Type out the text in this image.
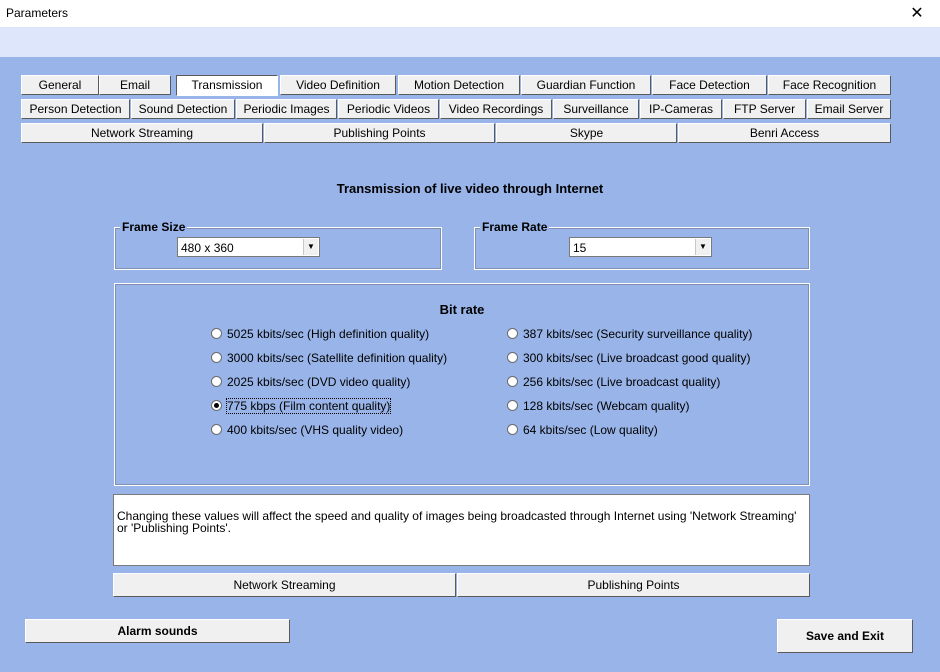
Parameters	✕
General	Email	Transmission	Video Definition	Motion Detection	Guardian Function	Face Detection	Face Recognition
Person Detection	Sound Detection	Periodic Images	Periodic Videos	Video Recordings	Surveillance	IP-Cameras	FTP Server	Email Server
Network Streaming	Publishing Points	Skype	Benri Access
Transmission of live video through Internet
Frame Size
480 x 360	▼
Frame Rate
15	▼
Bit rate
5025 kbits/sec (High definition quality)
3000 kbits/sec (Satellite definition quality)
2025 kbits/sec (DVD video quality)
775 kbps (Film content quality)
400 kbits/sec (VHS quality video)
387 kbits/sec (Security surveillance quality)
300 kbits/sec (Live broadcast good quality)
256 kbits/sec (Live broadcast quality)
128 kbits/sec (Webcam quality)
64 kbits/sec (Low quality)
Changing these values will affect the speed and quality of images being broadcasted through Internet using 'Network Streaming' or 'Publishing Points'.
Network Streaming	Publishing Points
Alarm sounds	Save and Exit
